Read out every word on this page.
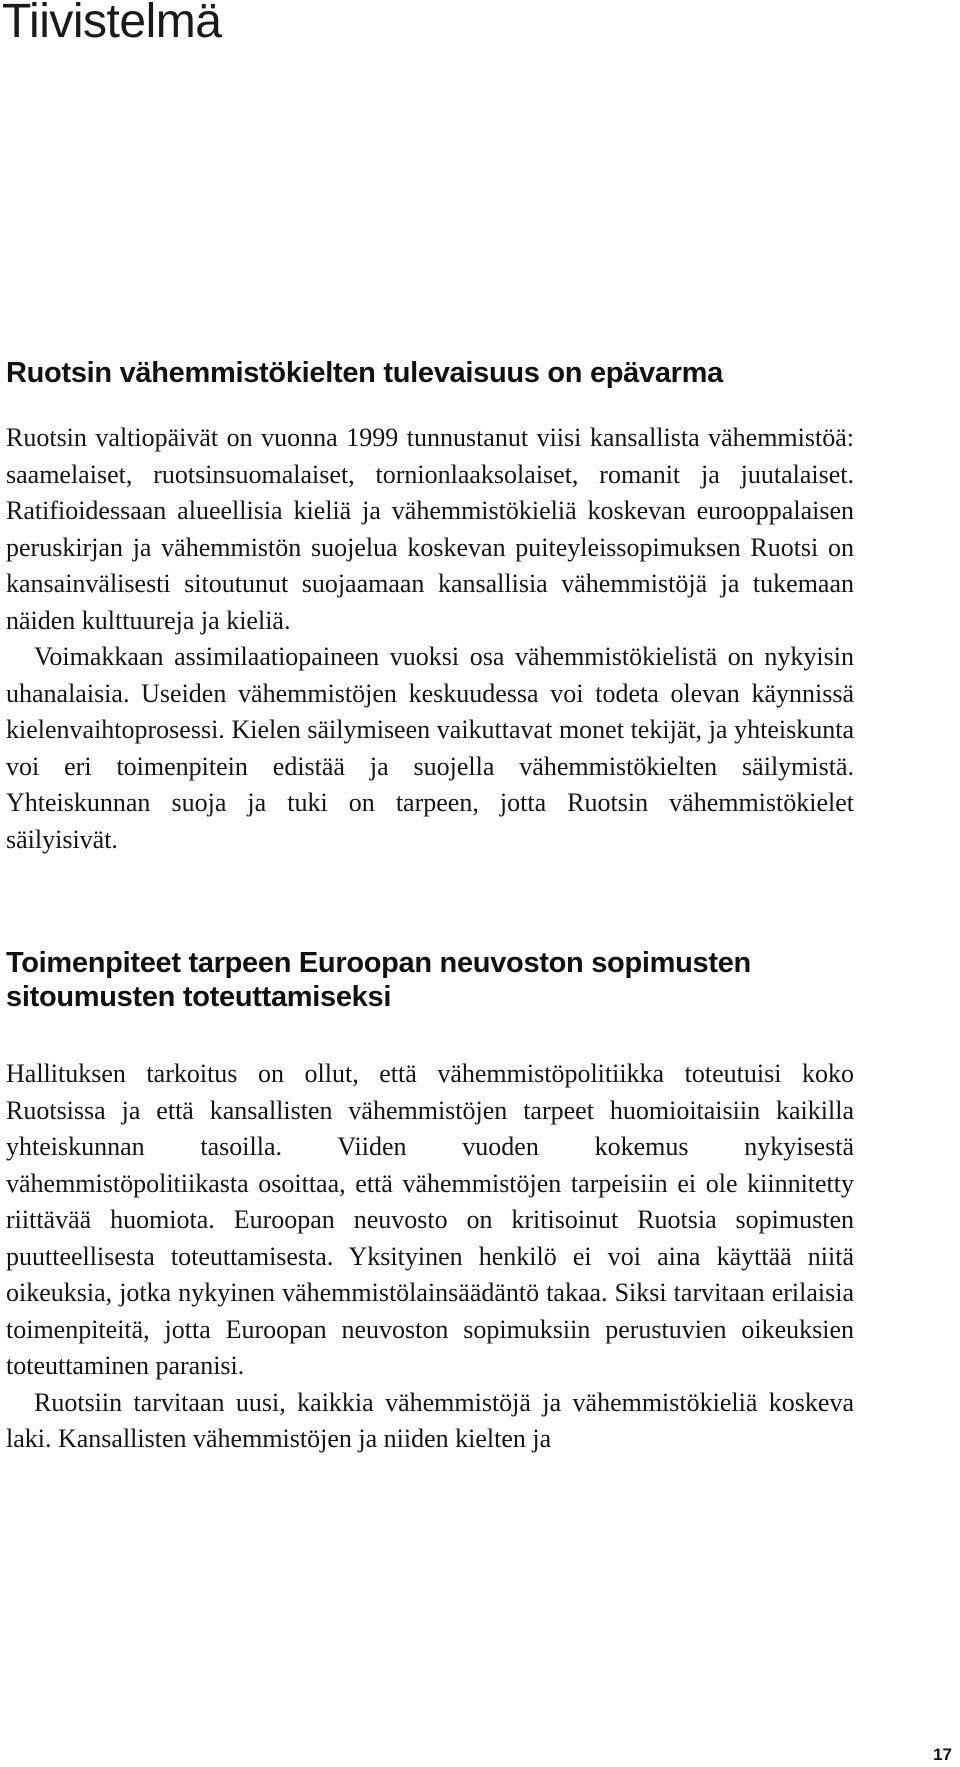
Tiivistelmä
Ruotsin vähemmistökielten tulevaisuus on epävarma

Ruotsin valtiopäivät on vuonna 1999 tunnustanut viisi kansallista vähemmistöä: saamelaiset, ruotsinsuomalaiset, tornionlaaksolaiset, romanit ja juutalaiset. Ratifioidessaan alueellisia kieliä ja vähemmistökieliä koskevan eurooppalaisen peruskirjan ja vähemmistön suojelua koskevan puiteyleissopimuksen Ruotsi on kansainvälisesti sitoutunut suojaamaan kansallisia vähemmistöjä ja tukemaan näiden kulttuureja ja kieliä.

Voimakkaan assimilaatiopaineen vuoksi osa vähemmistökielistä on nykyisin uhanalaisia. Useiden vähemmistöjen keskuudessa voi todeta olevan käynnissä kielenvaihtoprosessi. Kielen säilymiseen vaikuttavat monet tekijät, ja yhteiskunta voi eri toimenpitein edistää ja suojella vähemmistökielten säilymistä. Yhteiskunnan suoja ja tuki on tarpeen, jotta Ruotsin vähemmistökielet säilyisivät.

Toimenpiteet tarpeen Euroopan neuvoston sopimusten sitoumusten toteuttamiseksi

Hallituksen tarkoitus on ollut, että vähemmistöpolitiikka toteutuisi koko Ruotsissa ja että kansallisten vähemmistöjen tarpeet huomioitaisiin kaikilla yhteiskunnan tasoilla. Viiden vuoden kokemus nykyisestä vähemmistöpolitiikasta osoittaa, että vähemmistöjen tarpeisiin ei ole kiinnitetty riittävää huomiota. Euroopan neuvosto on kritisoinut Ruotsia sopimusten puutteellisesta toteuttamisesta. Yksityinen henkilö ei voi aina käyttää niitä oikeuksia, jotka nykyinen vähemmistölainsäädäntö takaa. Siksi tarvitaan erilaisia toimenpiteitä, jotta Euroopan neuvoston sopimuksiin perustuvien oikeuksien toteuttaminen paranisi.

Ruotsiin tarvitaan uusi, kaikkia vähemmistöjä ja vähemmistökieliä koskeva laki. Kansallisten vähemmistöjen ja niiden kielten ja

17
